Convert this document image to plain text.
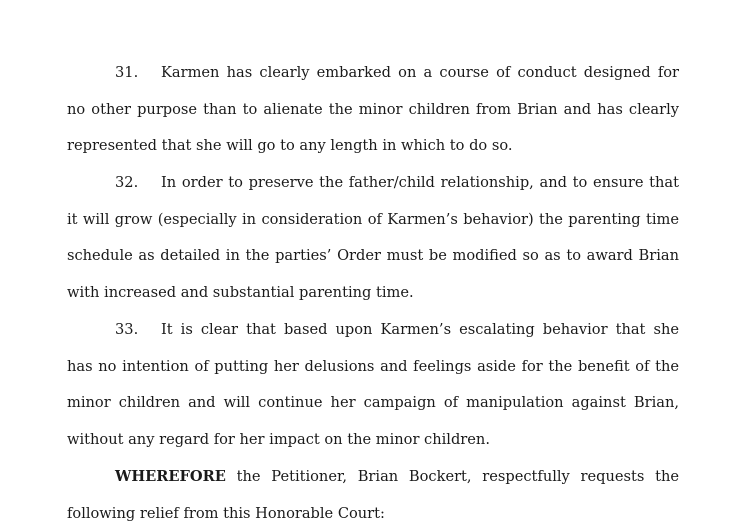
31. Karmen has clearly embarked on a course of conduct designed for
no other purpose than to alienate the minor children from Brian and has clearly
represented that she will go to any length in which to do so.
32. In order to preserve the father/child relationship, and to ensure that
it will grow (especially in consideration of Karmen’s behavior) the parenting time
schedule as detailed in the parties’ Order must be modified so as to award Brian
with increased and substantial parenting time.
33. It is clear that based upon Karmen’s escalating behavior that she
has no intention of putting her delusions and feelings aside for the benefit of the
minor children and will continue her campaign of manipulation against Brian,
without any regard for her impact on the minor children.
WHEREFORE the Petitioner, Brian Bockert, respectfully requests the
following relief from this Honorable Court:
